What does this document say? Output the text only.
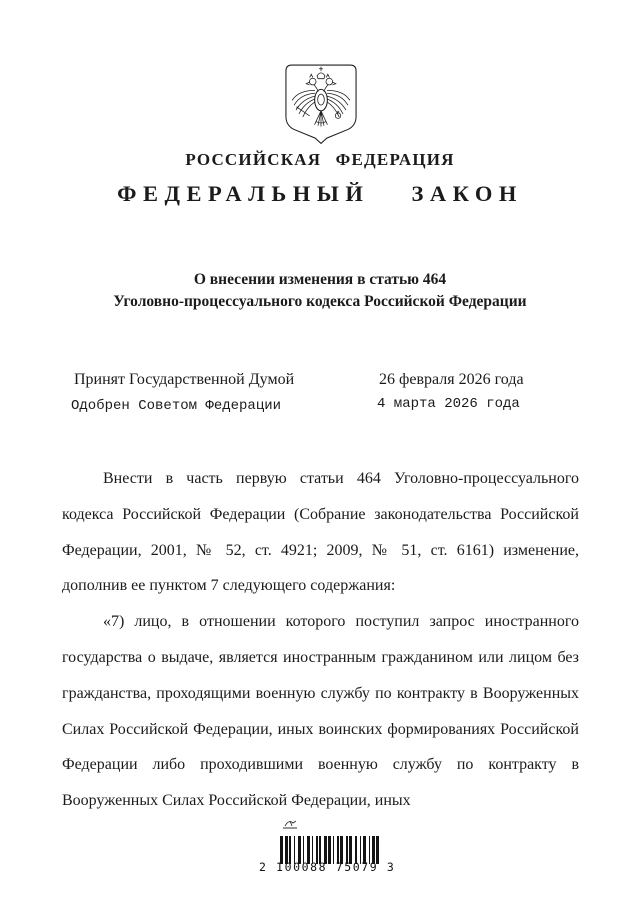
РОССИЙСКАЯ ФЕДЕРАЦИЯ
ФЕДЕРАЛЬНЫЙ ЗАКОН
О внесении изменения в статью 464
Уголовно-процессуального кодекса Российской Федерации
Принят Государственной Думой	26 февраля 2026 года
Одобрен Советом Федерации	4 марта 2026 года

Внести в часть первую статьи 464 Уголовно-процессуального кодекса Российской Федерации (Собрание законодательства Российской Федерации, 2001, № 52, ст. 4921; 2009, № 51, ст. 6161) изменение, дополнив ее пунктом 7 следующего содержания:

«7) лицо, в отношении которого поступил запрос иностранного государства о выдаче, является иностранным гражданином или лицом без гражданства, проходящими военную службу по контракту в Вооруженных Силах Российской Федерации, иных воинских формированиях Российской Федерации либо проходившими военную службу по контракту в Вооруженных Силах Российской Федерации, иных

2 100088 75079 3
